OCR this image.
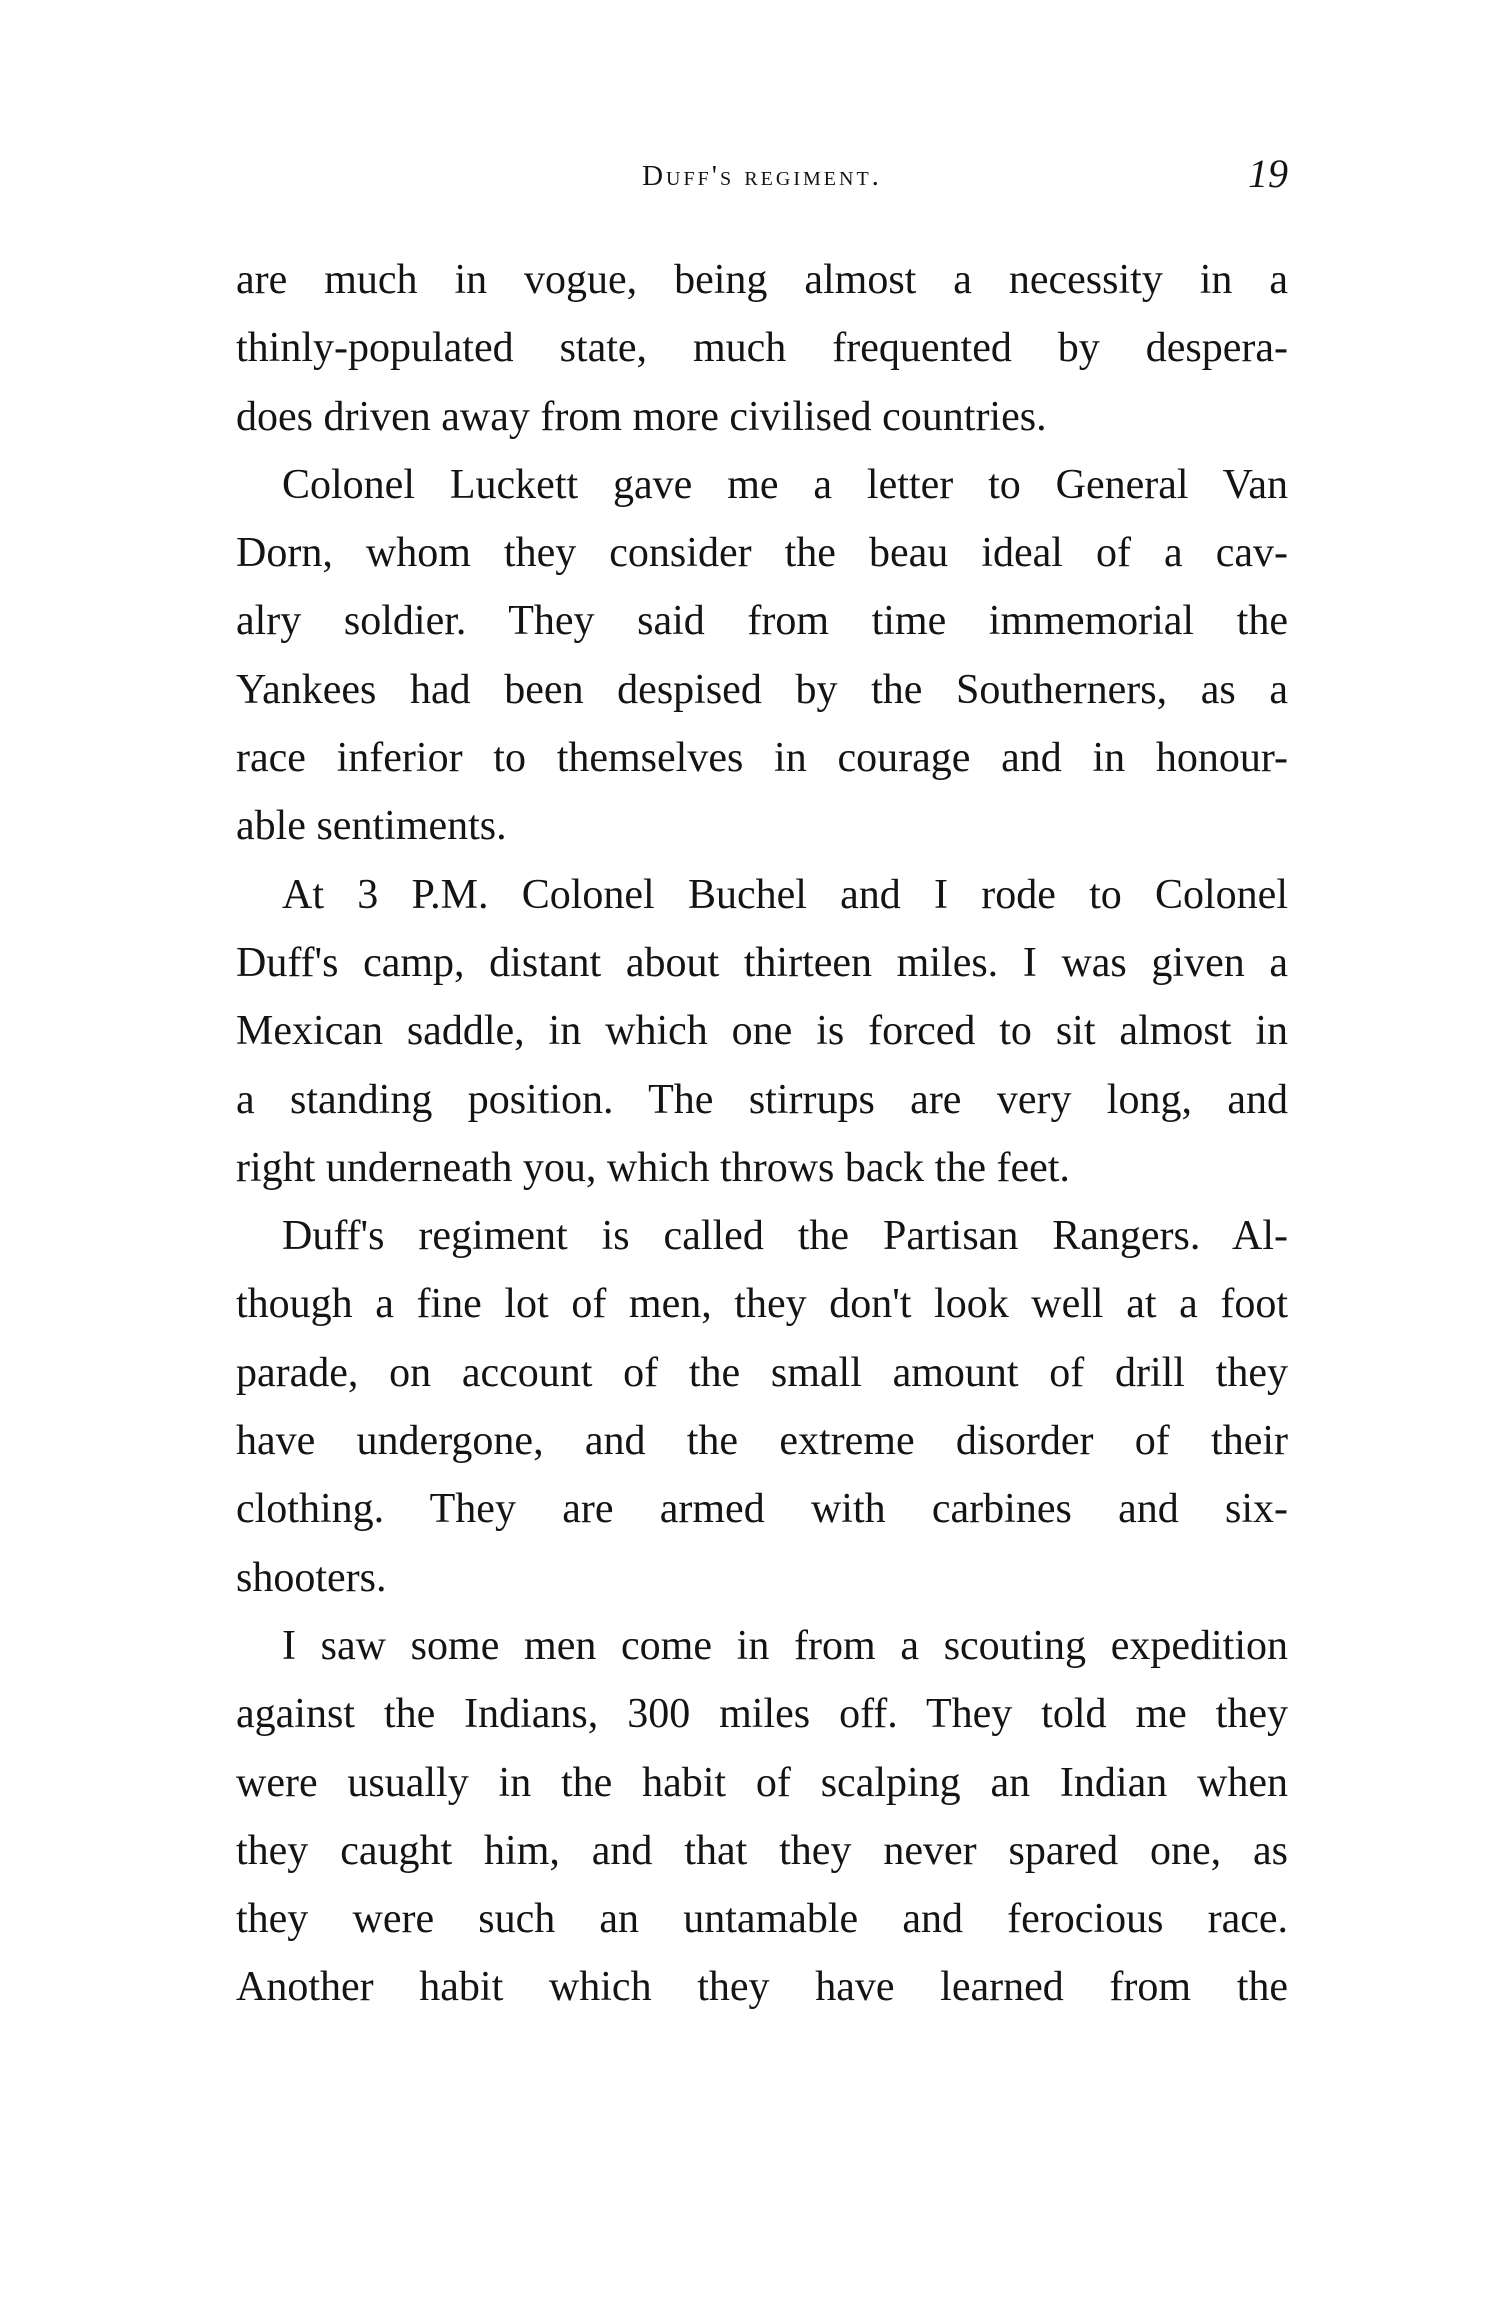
Duff's regiment.	19
are much in vogue, being almost a necessity in a
thinly-populated state, much frequented by despera-
does driven away from more civilised countries.
Colonel Luckett gave me a letter to General Van
Dorn, whom they consider the beau ideal of a cav-
alry soldier. They said from time immemorial the
Yankees had been despised by the Southerners, as a
race inferior to themselves in courage and in honour-
able sentiments.
At 3 P.M. Colonel Buchel and I rode to Colonel
Duff's camp, distant about thirteen miles. I was given a
Mexican saddle, in which one is forced to sit almost in
a standing position. The stirrups are very long, and
right underneath you, which throws back the feet.
Duff's regiment is called the Partisan Rangers. Al-
though a fine lot of men, they don't look well at a foot
parade, on account of the small amount of drill they
have undergone, and the extreme disorder of their
clothing. They are armed with carbines and six-
shooters.
I saw some men come in from a scouting expedition
against the Indians, 300 miles off. They told me they
were usually in the habit of scalping an Indian when
they caught him, and that they never spared one, as
they were such an untamable and ferocious race.
Another habit which they have learned from the
